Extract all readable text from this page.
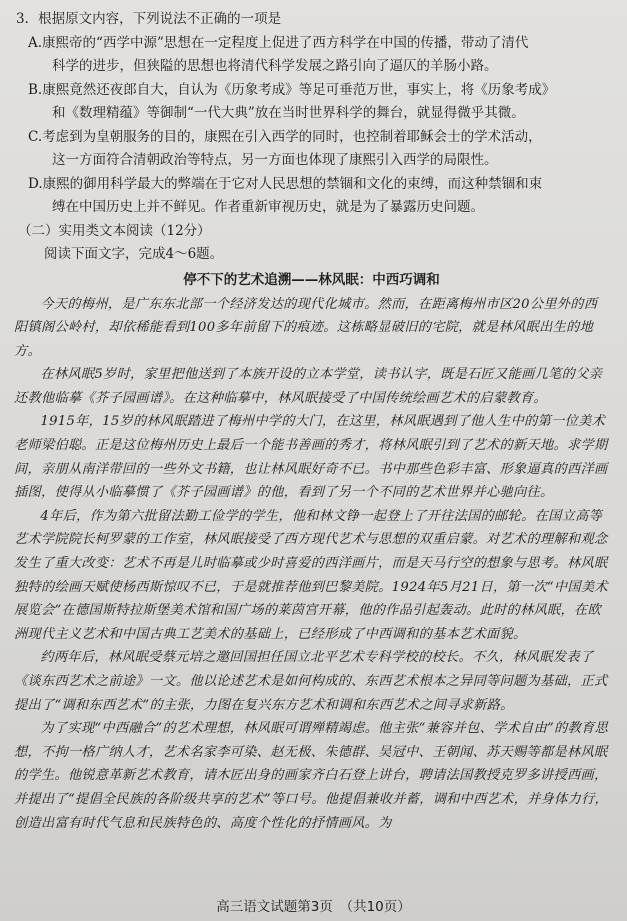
3．根据原文内容，下列说法不正确的一项是

A.康熙帝的“西学中源”思想在一定程度上促进了西方科学在中国的传播，带动了清代
科学的进步，但狭隘的思想也将清代科学发展之路引向了逼仄的羊肠小路。

B.康熙竟然还夜郎自大，自认为《历象考成》等足可垂范万世，事实上，将《历象考成》
和《数理精蕴》等御制“一代大典”放在当时世界科学的舞台，就显得微乎其微。

C.考虑到为皇朝服务的目的，康熙在引入西学的同时，也控制着耶稣会士的学术活动，
这一方面符合清朝政治等特点，另一方面也体现了康熙引入西学的局限性。

D.康熙的御用科学最大的弊端在于它对人民思想的禁锢和文化的束缚，而这种禁锢和束
缚在中国历史上并不鲜见。作者重新审视历史，就是为了暴露历史问题。

（二）实用类文本阅读（12分）

阅读下面文字，完成4～6题。

停不下的艺术追溯——林风眠：中西巧调和

今天的梅州，是广东东北部一个经济发达的现代化城市。然而，在距离梅州市区20公里外的西阳镇阁公岭村，却依稀能看到100多年前留下的痕迹。这栋略显破旧的宅院，就是林风眠出生的地方。

在林风眠5岁时，家里把他送到了本族开设的立本学堂，读书认字，既是石匠又能画几笔的父亲还教他临摹《芥子园画谱》。在这种临摹中，林风眠接受了中国传统绘画艺术的启蒙教育。

1915年，15岁的林风眠踏进了梅州中学的大门，在这里，林风眠遇到了他人生中的第一位美术老师梁伯聪。正是这位梅州历史上最后一个能书善画的秀才，将林风眠引到了艺术的新天地。求学期间，亲朋从南洋带回的一些外文书籍，也让林风眠好奇不已。书中那些色彩丰富、形象逼真的西洋画插图，使得从小临摹惯了《芥子园画谱》的他，看到了另一个不同的艺术世界并心驰向往。

4年后，作为第六批留法勤工俭学的学生，他和林文铮一起登上了开往法国的邮轮。在国立高等艺术学院院长柯罗蒙的工作室，林风眠接受了西方现代艺术与思想的双重启蒙。对艺术的理解和观念发生了重大改变：艺术不再是儿时临摹或少时喜爱的西洋画片，而是天马行空的想象与思考。林风眠独特的绘画天赋使杨西斯惊叹不已，于是就推荐他到巴黎美院。1924年5月21日，第一次“中国美术展览会”在德国斯特拉斯堡美术馆和国广场的莱茵宫开幕，他的作品引起轰动。此时的林风眠，在欧洲现代主义艺术和中国古典工艺美术的基础上，已经形成了中西调和的基本艺术面貌。

约两年后，林风眠受蔡元培之邀回国担任国立北平艺术专科学校的校长。不久，林风眠发表了《谈东西艺术之前途》一文。他以论述艺术是如何构成的、东西艺术根本之异同等问题为基础，正式提出了“调和东西艺术”的主张，力图在复兴东方艺术和调和东西艺术之间寻求新路。

为了实现“中西融合”的艺术理想，林风眠可谓殚精竭虑。他主张“兼容并包、学术自由”的教育思想，不拘一格广纳人才，艺术名家李可染、赵无极、朱德群、吴冠中、王朝闻、苏天赐等都是林风眠的学生。他锐意革新艺术教育，请木匠出身的画家齐白石登上讲台，聘请法国教授克罗多讲授西画，并提出了“提倡全民族的各阶级共享的艺术”等口号。他提倡兼收并蓄，调和中西艺术，并身体力行，创造出富有时代气息和民族特色的、高度个性化的抒情画风。为

高三语文试题第3页　（共10页）
